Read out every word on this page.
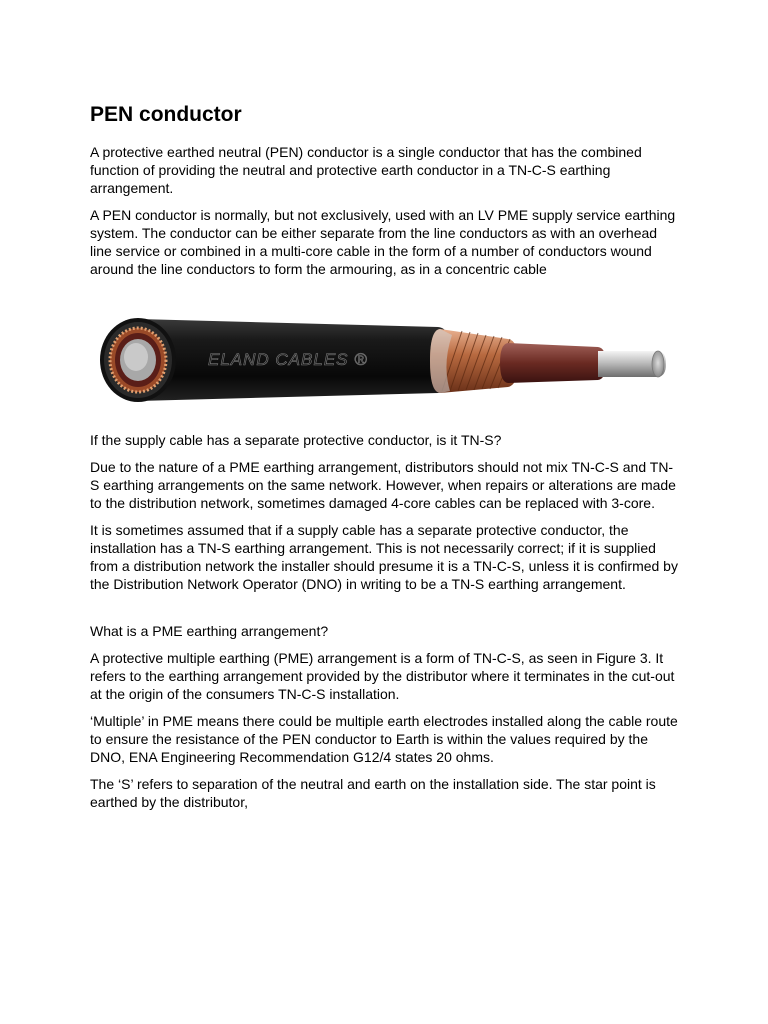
PEN conductor

A protective earthed neutral (PEN) conductor is a single conductor that has the combined function of providing the neutral and protective earth conductor in a TN-C-S earthing arrangement.

A PEN conductor is normally, but not exclusively, used with an LV PME supply service earthing system. The conductor can be either separate from the line conductors as with an overhead line service or combined in a multi-core cable in the form of a number of conductors wound around the line conductors to form the armouring, as in a concentric cable

ELAND CABLES ®

If the supply cable has a separate protective conductor, is it TN-S?

Due to the nature of a PME earthing arrangement, distributors should not mix TN-C-S and TN-S earthing arrangements on the same network. However, when repairs or alterations are made to the distribution network, sometimes damaged 4-core cables can be replaced with 3-core.

It is sometimes assumed that if a supply cable has a separate protective conductor, the installation has a TN-S earthing arrangement. This is not necessarily correct; if it is supplied from a distribution network the installer should presume it is a TN-C-S, unless it is confirmed by the Distribution Network Operator (DNO) in writing to be a TN-S earthing arrangement.

What is a PME earthing arrangement?

A protective multiple earthing (PME) arrangement is a form of TN-C-S, as seen in Figure 3. It refers to the earthing arrangement provided by the distributor where it terminates in the cut-out at the origin of the consumers TN-C-S installation.

‘Multiple’ in PME means there could be multiple earth electrodes installed along the cable route to ensure the resistance of the PEN conductor to Earth is within the values required by the DNO, ENA Engineering Recommendation G12/4 states 20 ohms.

The ‘S’ refers to separation of the neutral and earth on the installation side. The star point is earthed by the distributor,
